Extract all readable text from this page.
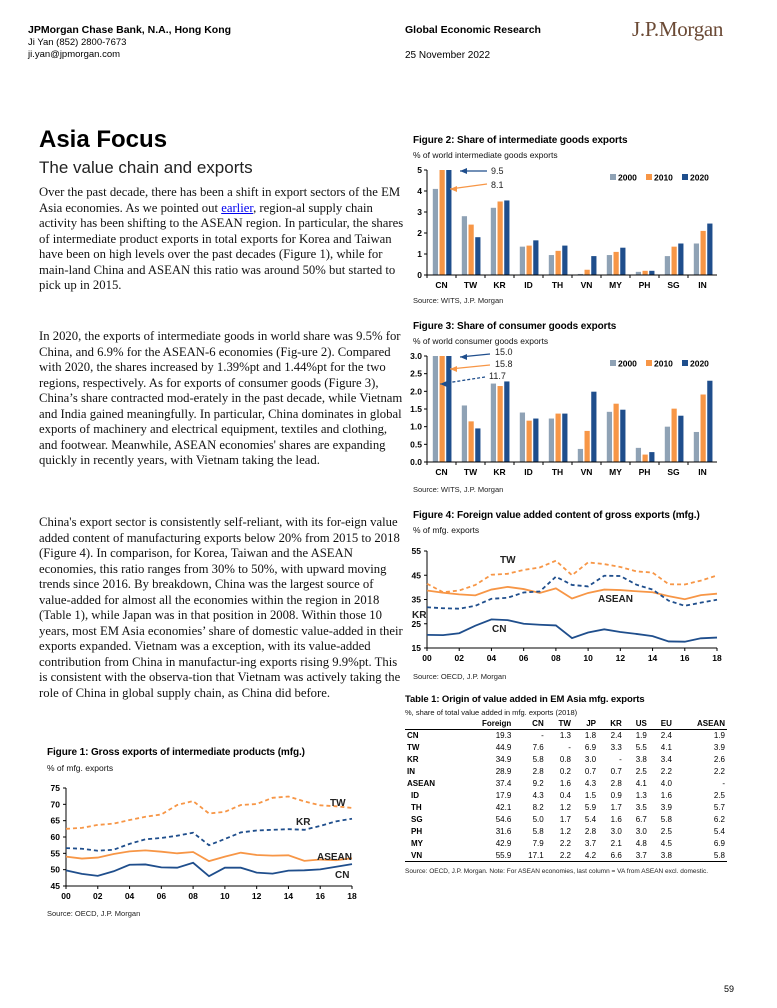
JPMorgan Chase Bank, N.A., Hong Kong
Ji Yan (852) 2800-7673
ji.yan@jpmorgan.com
Global Economic Research
25 November 2022
J.P.Morgan
Asia Focus
The value chain and exports
Over the past decade, there has been a shift in export sectors of the EM Asia economies. As we pointed out earlier, region-al supply chain activity has been shifting to the ASEAN region. In particular, the shares of intermediate product exports in total exports for Korea and Taiwan have been on high levels over the past decades (Figure 1), while for main-land China and ASEAN this ratio was around 50% but started to pick up in 2015.
In 2020, the exports of intermediate goods in world share was 9.5% for China, and 6.9% for the ASEAN-6 economies (Fig-ure 2). Compared with 2020, the shares increased by 1.39%pt and 1.44%pt for the two regions, respectively. As for exports of consumer goods (Figure 3), China’s share contracted mod-erately in the past decade, while Vietnam and India gained meaningfully. In particular, China dominates in global exports of machinery and electrical equipment, textiles and clothing, and footwear. Meanwhile, ASEAN economies' shares are expanding quickly in recently years, with Vietnam taking the lead.
China's export sector is consistently self-reliant, with its for-eign value added content of manufacturing exports below 20% from 2015 to 2018 (Figure 4). In comparison, for Korea, Taiwan and the ASEAN economies, this ratio ranges from 30% to 50%, with upward moving trends since 2016. By breakdown, China was the largest source of value-added for almost all the economies within the region in 2018 (Table 1), while Japan was in that position in 2008. Within those 10 years, most EM Asia economies’ share of domestic value-added in their exports expanded. Vietnam was a exception, with its value-added contribution from China in manufactur-ing exports rising 9.9%pt. This is consistent with the observa-tion that Vietnam was actively taking the role of China in global supply chain, as China did before.
Figure 1: Gross exports of intermediate products (mfg.)
% of mfg. exports
45
50
55
60
65
70
75
00	02	04	06	08	10	12	14	16	18
TW
KR
ASEAN
CN
Source: OECD, J.P. Morgan
Figure 2: Share of intermediate goods exports
% of world intermediate goods exports
0
1
2
3
4
5
CN TW KR ID TH VN MY PH SG IN
2000 2010 2020
9.5
8.1
Source: WITS, J.P. Morgan
Figure 3: Share of consumer goods exports
% of world consumer goods exports
0.0
0.5
1.0
1.5
2.0
2.5
3.0
CN TW KR ID TH VN MY PH SG IN
2000 2010 2020
15.0
15.8
11.7
Source: WITS, J.P. Morgan
Figure 4: Foreign value added content of gross exports (mfg.)
% of mfg. exports
15
25
35
45
55
00	02	04	06	08	10	12	14	16	18
TW
ASEAN
KR
CN
Source: OECD, J.P. Morgan
Table 1: Origin of value added in EM Asia mfg. exports
%, share of total value added in mfg. exports (2018)
	Foreign	CN	TW	JP	KR	US	EU	ASEAN
CN	19.3	-	1.3	1.8	2.4	1.9	2.4	1.9
TW	44.9	7.6	-	6.9	3.3	5.5	4.1	3.9
KR	34.9	5.8	0.8	3.0	-	3.8	3.4	2.6
IN	28.9	2.8	0.2	0.7	0.7	2.5	2.2	2.2
ASEAN	37.4	9.2	1.6	4.3	2.8	4.1	4.0	-
ID	17.9	4.3	0.4	1.5	0.9	1.3	1.6	2.5
TH	42.1	8.2	1.2	5.9	1.7	3.5	3.9	5.7
SG	54.6	5.0	1.7	5.4	1.6	6.7	5.8	6.2
PH	31.6	5.8	1.2	2.8	3.0	3.0	2.5	5.4
MY	42.9	7.9	2.2	3.7	2.1	4.8	4.5	6.9
VN	55.9	17.1	2.2	4.2	6.6	3.7	3.8	5.8
Source: OECD, J.P. Morgan. Note: For ASEAN economies, last column = VA from ASEAN excl. domestic.
59
